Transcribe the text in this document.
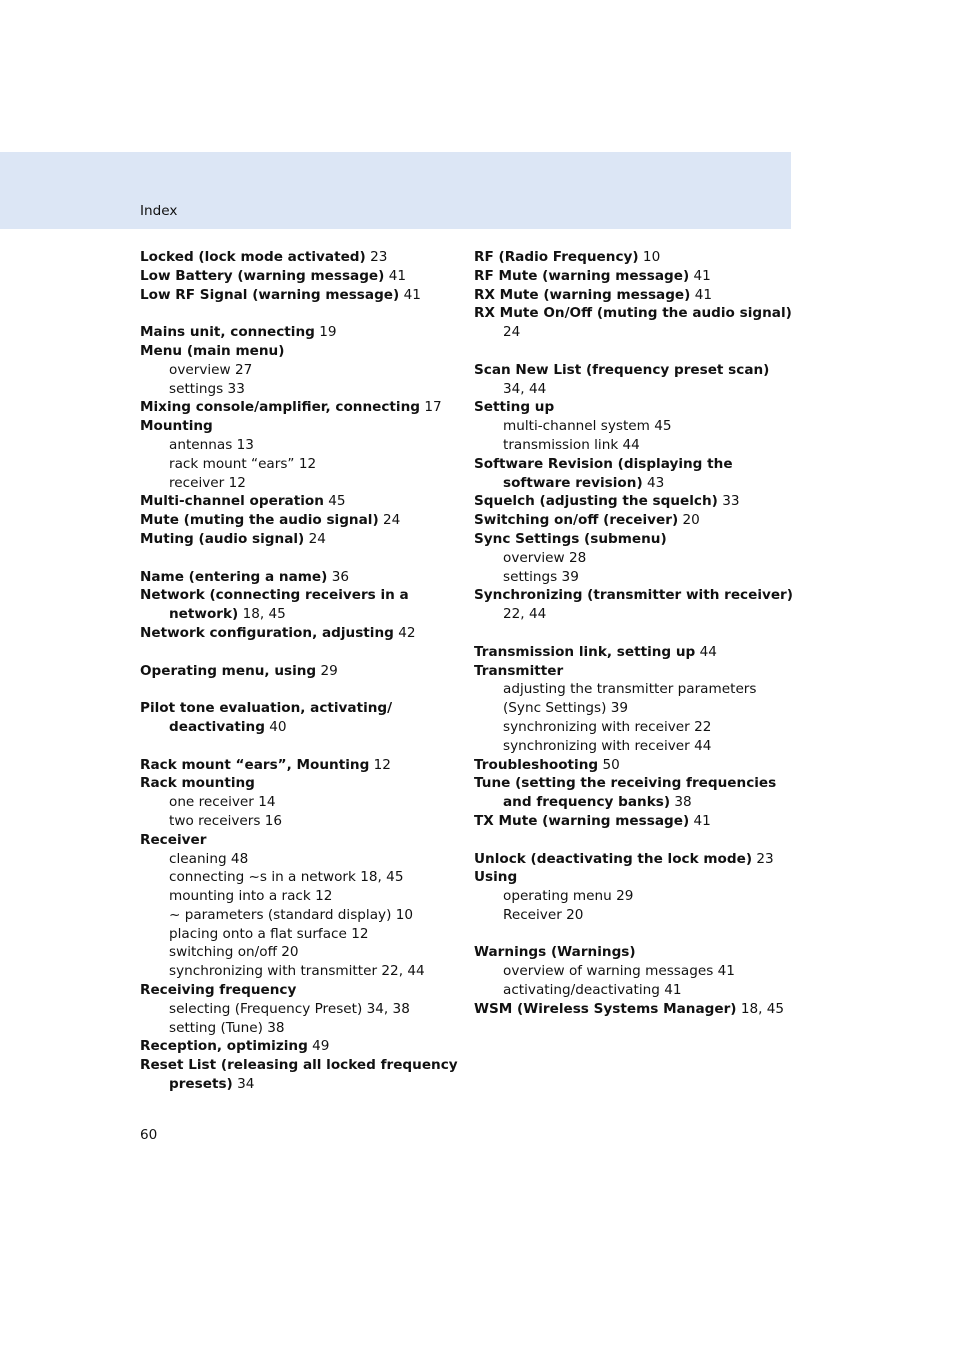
Index
Locked (lock mode activated) 23
Low Battery (warning message) 41
Low RF Signal (warning message) 41
Mains unit, connecting 19
Menu (main menu)
overview 27
settings 33
Mixing console/amplifier, connecting 17
Mounting
antennas 13
rack mount “ears” 12
receiver 12
Multi-channel operation 45
Mute (muting the audio signal) 24
Muting (audio signal) 24
Name (entering a name) 36
Network (connecting receivers in a network) 18, 45
Network configuration, adjusting 42
Operating menu, using 29
Pilot tone evaluation, activating/ deactivating 40
Rack mount “ears”, Mounting 12
Rack mounting
one receiver 14
two receivers 16
Receiver
cleaning 48
connecting ~s in a network 18, 45
mounting into a rack 12
~ parameters (standard display) 10
placing onto a flat surface 12
switching on/off 20
synchronizing with transmitter 22, 44
Receiving frequency
selecting (Frequency Preset) 34, 38
setting (Tune) 38
Reception, optimizing 49
Reset List (releasing all locked frequency presets) 34
RF (Radio Frequency) 10
RF Mute (warning message) 41
RX Mute (warning message) 41
RX Mute On/Off (muting the audio signal) 24
Scan New List (frequency preset scan) 34, 44
Setting up
multi-channel system 45
transmission link 44
Software Revision (displaying the software revision) 43
Squelch (adjusting the squelch) 33
Switching on/off (receiver) 20
Sync Settings (submenu)
overview 28
settings 39
Synchronizing (transmitter with receiver) 22, 44
Transmission link, setting up 44
Transmitter
adjusting the transmitter parameters (Sync Settings) 39
synchronizing with receiver 22
synchronizing with receiver 44
Troubleshooting 50
Tune (setting the receiving frequencies and frequency banks) 38
TX Mute (warning message) 41
Unlock (deactivating the lock mode) 23
Using
operating menu 29
Receiver 20
Warnings (Warnings)
overview of warning messages 41
activating/deactivating 41
WSM (Wireless Systems Manager) 18, 45
60
